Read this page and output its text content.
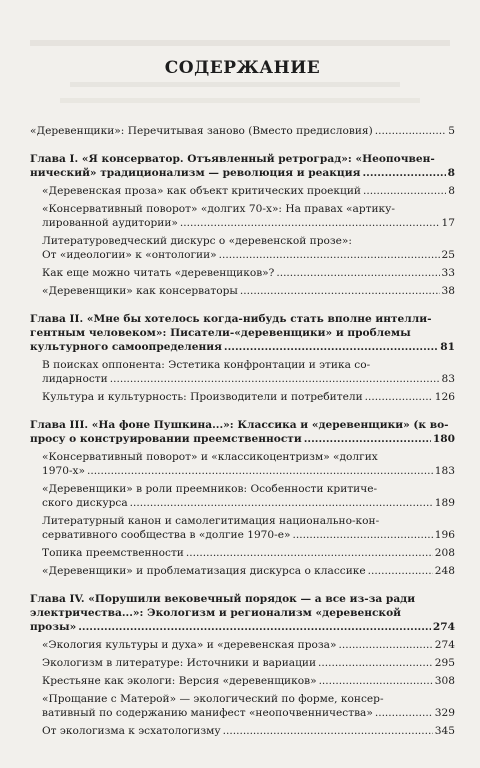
СОДЕРЖАНИЕ
«Деревенщики»: Перечитывая заново (Вместо предисловия) .....	5
Глава I. «Я консерватор. Отъявленный ретроград»: «Неопочвен-
нический» традиционализм — революция и реакция .....	8
«Деревенская проза» как объект критических проекций .....	8
«Консервативный поворот» «долгих 70-х»: На правах «артику-
лированной аудитории» .....	17
Литературоведческий дискурс о «деревенской прозе»:
От «идеологии» к «онтологии» .....	25
Как еще можно читать «деревенщиков»? .....	33
«Деревенщики» как консерваторы .....	38
Глава II. «Мне бы хотелось когда-нибудь стать вполне интелли-
гентным человеком»: Писатели-«деревенщики» и проблемы
культурного самоопределения .....	81
В поисках оппонента: Эстетика конфронтации и этика со-
лидарности .....	83
Культура и культурность: Производители и потребители .....	126
Глава III. «На фоне Пушкина...»: Классика и «деревенщики» (к во-
просу о конструировании преемственности .....	180
«Консервативный поворот» и «классикоцентризм» «долгих
1970-х» .....	183
«Деревенщики» в роли преемников: Особенности критиче-
ского дискурса .....	189
Литературный канон и самолегитимация национально-кон-
сервативного сообщества в «долгие 1970-е» .....	196
Топика преемственности .....	208
«Деревенщики» и проблематизация дискурса о классике .....	248
Глава IV. «Порушили вековечный порядок — а все из-за ради
электричества...»: Экологизм и регионализм «деревенской
прозы» .....	274
«Экология культуры и духа» и «деревенская проза» .....	274
Экологизм в литературе: Источники и вариации .....	295
Крестьяне как экологи: Версия «деревенщиков» .....	308
«Прощание с Матерой» — экологический по форме, консер-
вативный по содержанию манифест «неопочвенничества» .....	329
От экологизма к эсхатологизму .....	345
